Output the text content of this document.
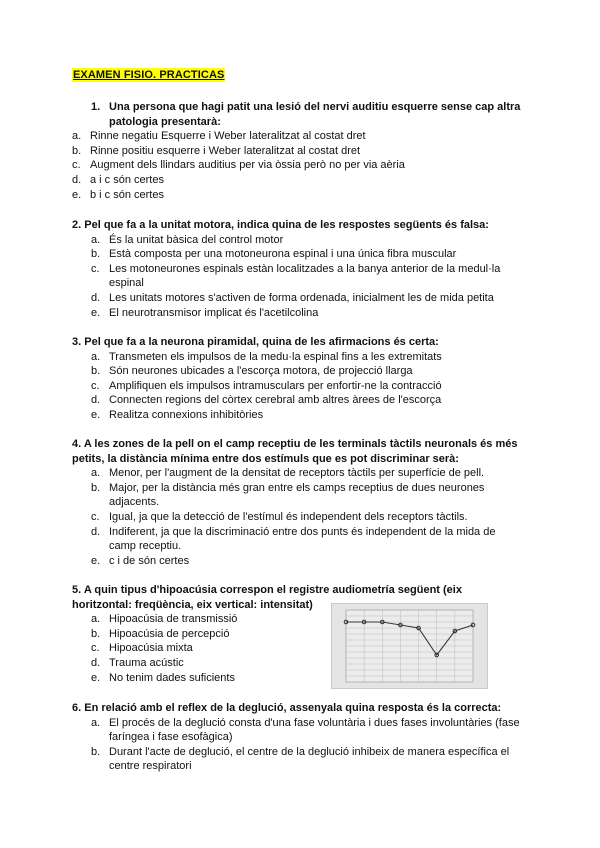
EXAMEN FISIO. PRACTICAS
1. Una persona que hagi patit una lesió del nervi auditiu esquerre sense cap altra patologia presentarà:
a. Rinne negatiu Esquerre i Weber lateralitzat al costat dret
b. Rinne positiu esquerre i Weber lateralitzat al costat dret
c. Augment dels llindars auditius per via òssia però no per via aèria
d. a i c són certes
e. b i c són certes
2. Pel que fa a la unitat motora, indica quina de les respostes següents és falsa:
a. És la unitat bàsica del control motor
b. Està composta per una motoneurona espinal i una única fibra muscular
c. Les motoneurones espinals estàn localitzades a la banya anterior de la medul·la espinal
d. Les unitats motores s'activen de forma ordenada, inicialment les de mida petita
e. El neurotransmisor implicat és l'acetilcolina
3. Pel que fa a la neurona piramidal, quina de les afirmacions és certa:
a. Transmeten els impulsos de la medu·la espinal fins a les extremitats
b. Són neurones ubicades a l'escorça motora, de projecció llarga
c. Amplifiquen els impulsos intramusculars per enfortir-ne la contracció
d. Connecten regions del còrtex cerebral amb altres àrees de l'escorça
e. Realitza connexions inhibitòries
4. A les zones de la pell on el camp receptiu de les terminals tàctils neuronals és més petits, la distància mínima entre dos estímuls que es pot discriminar serà:
a. Menor, per l'augment de la densitat de receptors tàctils per superfície de pell.
b. Major, per la distància més gran entre els camps receptius de dues neurones adjacents.
c. Igual, ja que la detecció de l'estímul és independent dels receptors tàctils.
d. Indiferent, ja que la discriminació entre dos punts és independent de la mida de camp receptiu.
e. c i de són certes
5. A quin tipus d'hipoacúsia correspon el registre audiometría següent (eix horitzontal: freqüència, eix vertical: intensitat)
a. Hipoacúsia de transmissió
b. Hipoacúsia de percepció
c. Hipoacúsia mixta
d. Trauma acústic
e. No tenim dades suficients
6. En relació amb el reflex de la deglució, assenyala quina resposta és la correcta:
a. El procés de la deglució consta d'una fase voluntària i dues fases involuntàries (fase faríngea i fase esofàgica)
b. Durant l'acte de deglució, el centre de la deglució inhibeix de manera específica el centre respiratori
